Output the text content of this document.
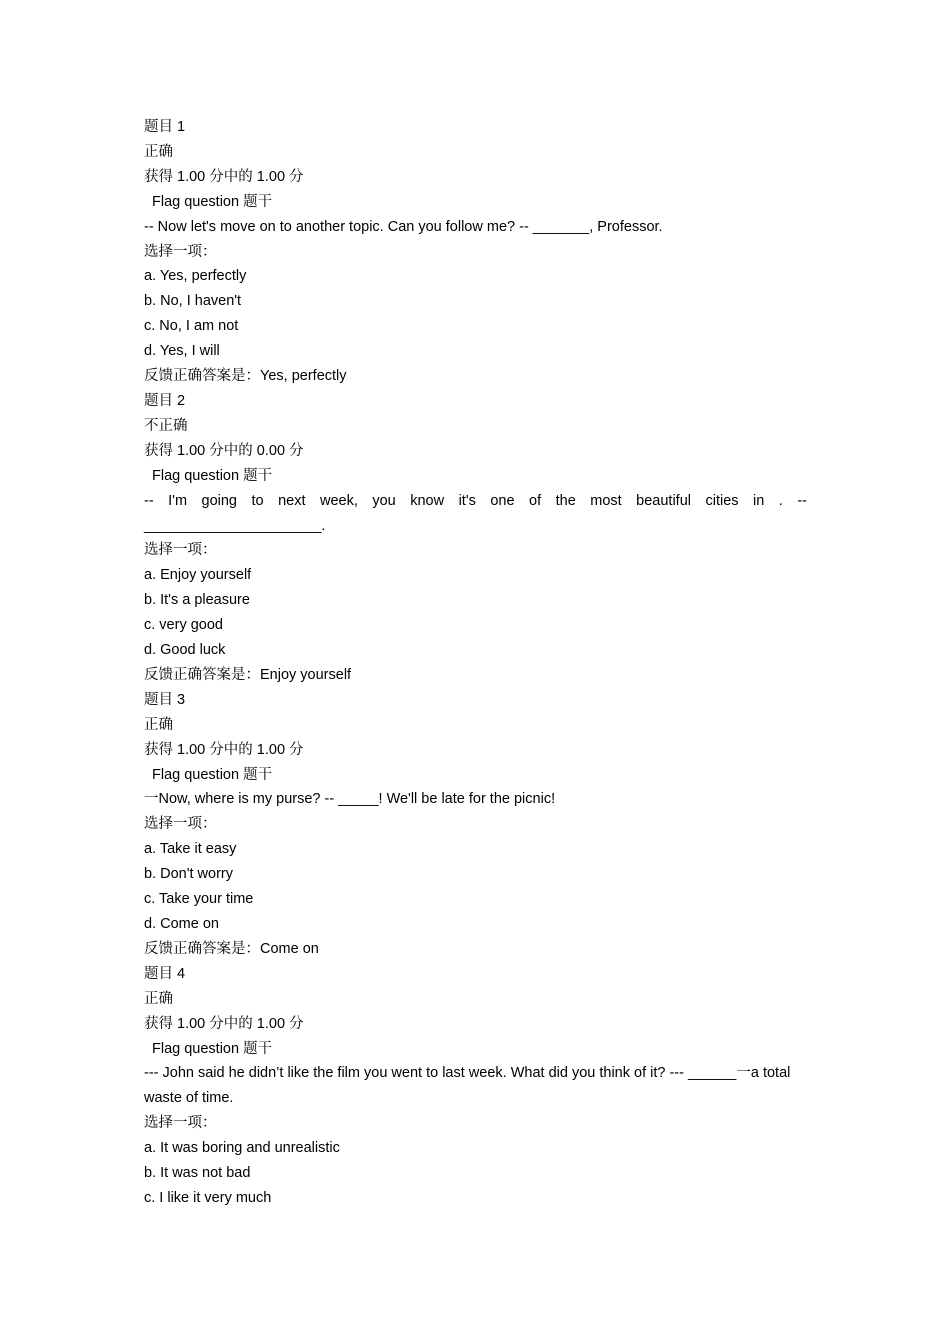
题目 1
正确
获得 1.00 分中的 1.00 分
Flag question 题干
-- Now let's move on to another topic. Can you follow me? -- _______, Professor.
选择一项：
a. Yes, perfectly
b. No, I haven't
c. No, I am not
d. Yes, I will
反馈正确答案是：Yes, perfectly
题目 2
不正确
获得 1.00 分中的 0.00 分
Flag question 题干
-- I'm going to next week, you know it's one of the most beautiful cities in . -- ______________________.
选择一项：
a. Enjoy yourself
b. It's a pleasure
c. very good
d. Good luck
反馈正确答案是：Enjoy yourself
题目 3
正确
获得 1.00 分中的 1.00 分
Flag question 题干
一Now, where is my purse? -- _____! We'll be late for the picnic!
选择一项：
a. Take it easy
b. Don't worry
c. Take your time
d. Come on
反馈正确答案是：Come on
题目 4
正确
获得 1.00 分中的 1.00 分
Flag question 题干
--- John said he didn’t like the film you went to last week. What did you think of it? --- ______一a total waste of time.
选择一项：
a. It was boring and unrealistic
b. It was not bad
c. I like it very much
